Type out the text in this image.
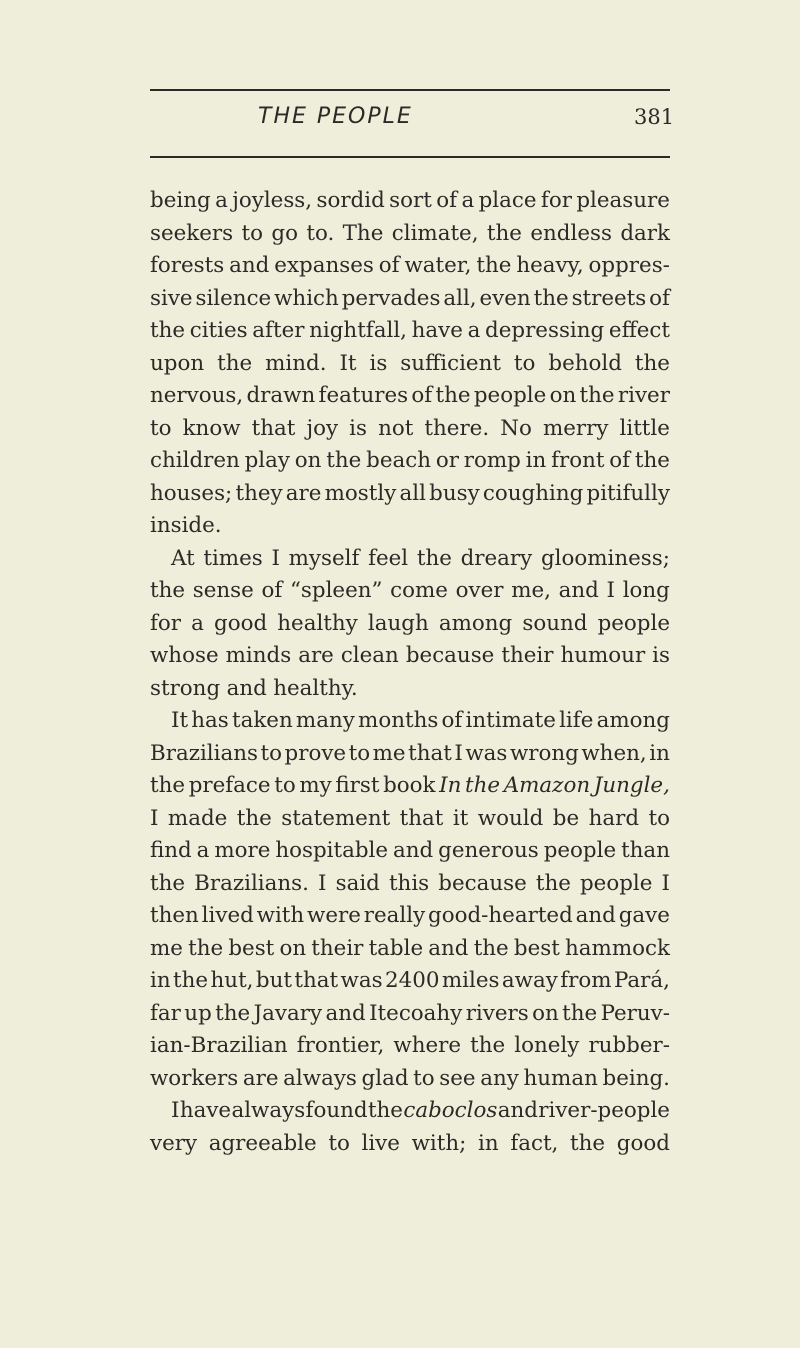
THE PEOPLE	381
being a joyless, sordid sort of a place for pleasure
seekers to go to. The climate, the endless dark
forests and expanses of water, the heavy, oppres-
sive silence which pervades all, even the streets of
the cities after nightfall, have a depressing effect
upon the mind. It is sufficient to behold the
nervous, drawn features of the people on the river
to know that joy is not there. No merry little
children play on the beach or romp in front of the
houses; they are mostly all busy coughing pitifully
inside.
At times I myself feel the dreary gloominess;
the sense of “spleen” come over me, and I long
for a good healthy laugh among sound people
whose minds are clean because their humour is
strong and healthy.
It has taken many months of intimate life among
Brazilians to prove to me that I was wrong when, in
the preface to my first book In the Amazon Jungle,
I made the statement that it would be hard to
find a more hospitable and generous people than
the Brazilians. I said this because the people I
then lived with were really good-hearted and gave
me the best on their table and the best hammock
in the hut, but that was 2400 miles away from Pará,
far up the Javary and Itecoahy rivers on the Peruv-
ian-Brazilian frontier, where the lonely rubber-
workers are always glad to see any human being.
I have always found the caboclos and river-people
very agreeable to live with; in fact, the good
